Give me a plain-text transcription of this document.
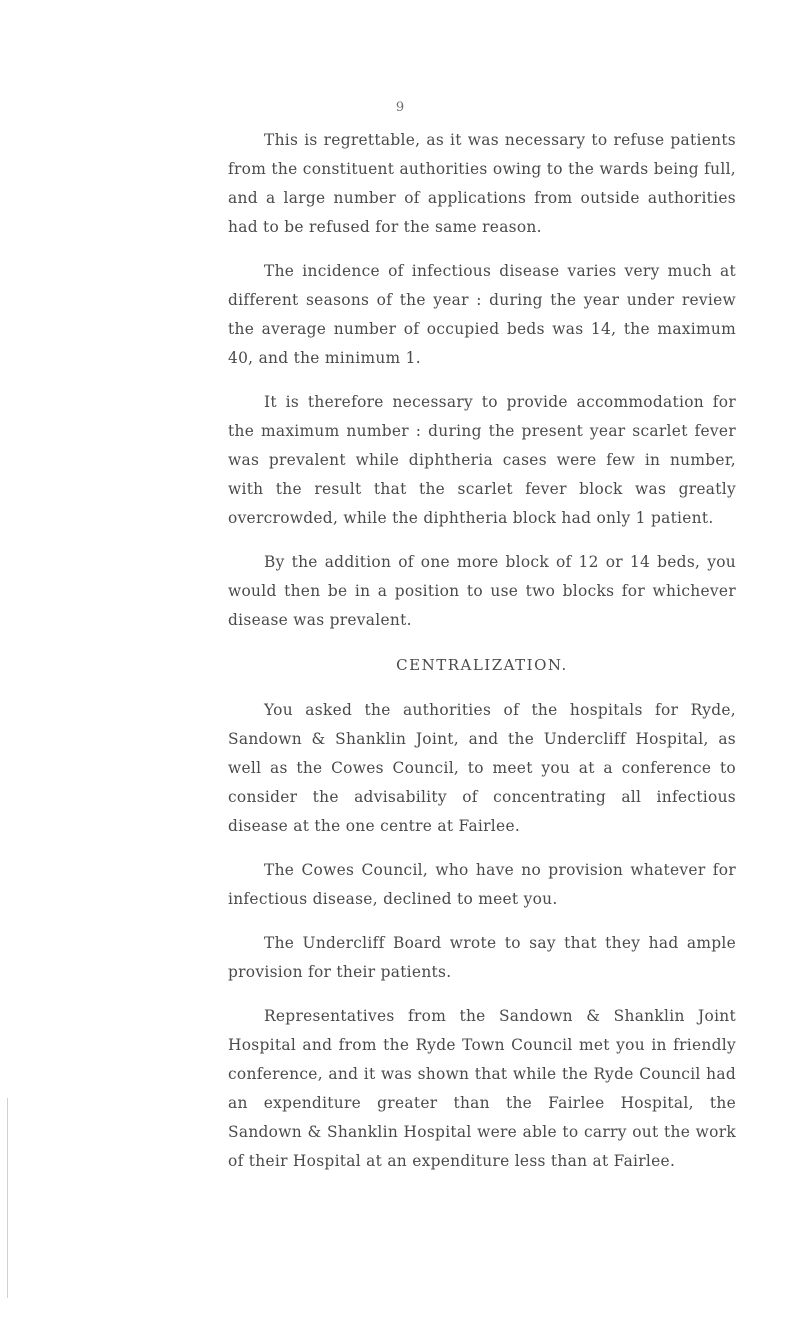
9

This is regrettable, as it was necessary to refuse patients from the constituent authorities owing to the wards being full, and a large number of applications from outside authorities had to be refused for the same reason.

The incidence of infectious disease varies very much at different seasons of the year : during the year under review the average number of occupied beds was 14, the maximum 40, and the minimum 1.

It is therefore necessary to provide accommodation for the maximum number : during the present year scarlet fever was prevalent while diphtheria cases were few in number, with the result that the scarlet fever block was greatly overcrowded, while the diphtheria block had only 1 patient.

By the addition of one more block of 12 or 14 beds, you would then be in a position to use two blocks for whichever disease was prevalent.

CENTRALIZATION.

You asked the authorities of the hospitals for Ryde, Sandown & Shanklin Joint, and the Undercliff Hospital, as well as the Cowes Council, to meet you at a conference to consider the advisability of concentrating all infectious disease at the one centre at Fairlee.

The Cowes Council, who have no provision whatever for infectious disease, declined to meet you.

The Undercliff Board wrote to say that they had ample provision for their patients.

Representatives from the Sandown & Shanklin Joint Hospital and from the Ryde Town Council met you in friendly conference, and it was shown that while the Ryde Council had an expenditure greater than the Fairlee Hospital, the Sandown & Shanklin Hospital were able to carry out the work of their Hospital at an expenditure less than at Fairlee.
